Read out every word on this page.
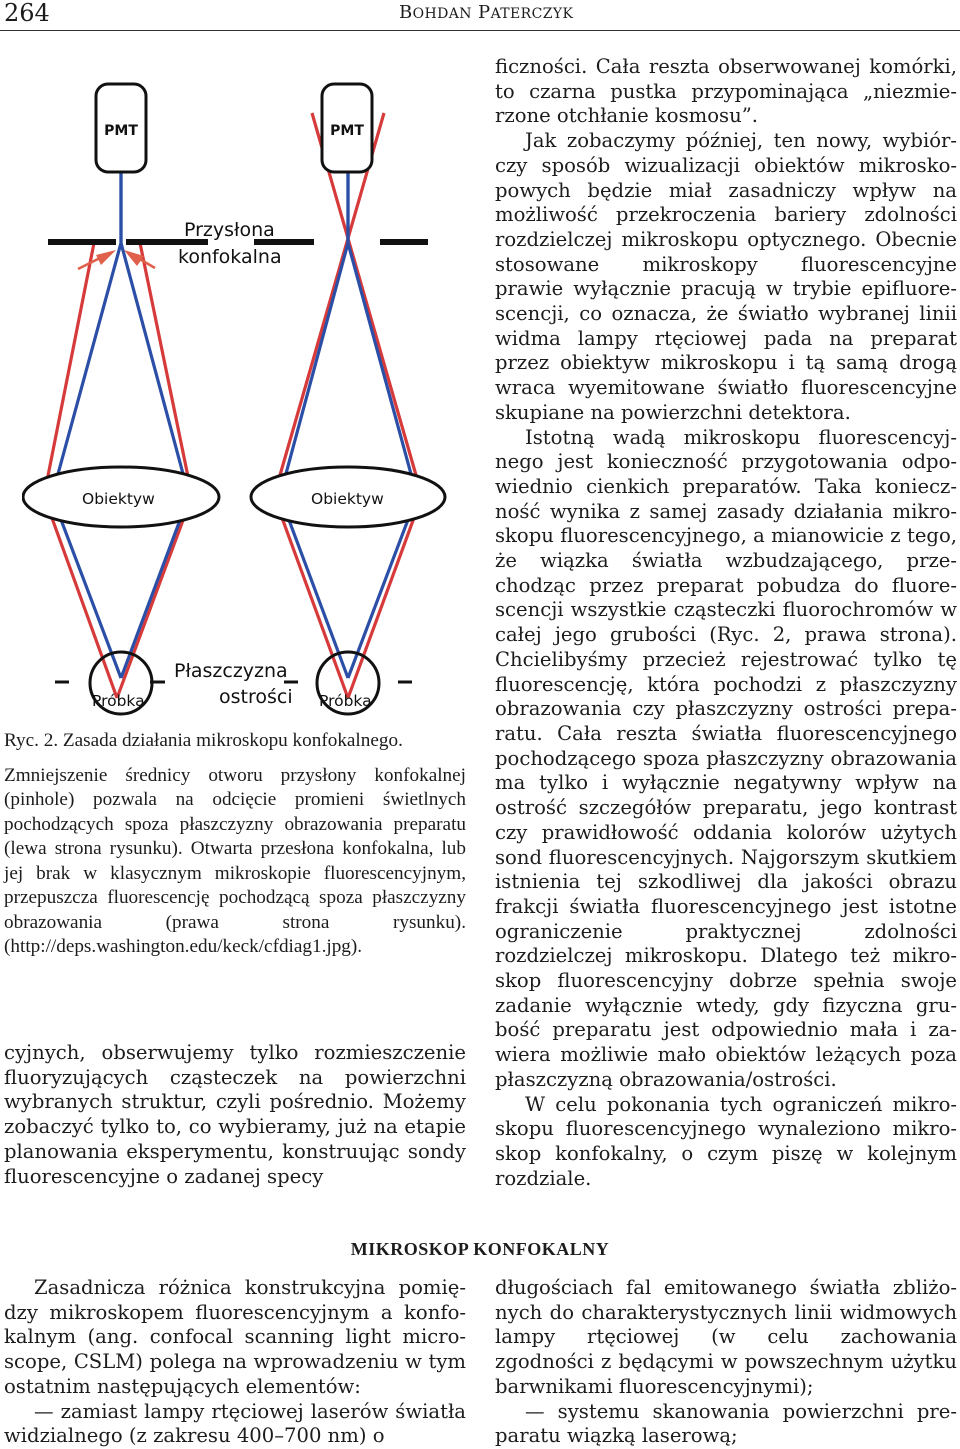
264	BOHDAN PATERCZYK
PMT
Przysłona
konfokalna
Obiektyw
Próbka
Płaszczyzna
ostrości
PMT
Obiektyw
Próbka
Ryc. 2. Zasada działania mikroskopu konfokalnego.
Zmniejszenie średnicy otworu przysłony konfokalnej (pinhole) pozwala na odcięcie promieni świetlnych pochodzących spoza płaszczyzny obrazowania preparatu (lewa strona rysunku). Otwarta przesłona konfokalna, lub jej brak w klasycznym mikroskopie fluorescencyjnym, przepuszcza fluorescencję pochodzącą spoza płaszczyzny obrazowania (prawa strona rysunku). (http://deps.washington.edu/keck/cfdiag1.​jpg).
cyjnych, obserwujemy tylko rozmieszczenie fluoryzujących cząsteczek na powierzchni wybranych struktur, czyli pośrednio. Możemy zobaczyć tylko to, co wybieramy, już na etapie planowania eksperymentu, konstruując sondy fluorescencyjne o zadanej specy
ficzności. Cała reszta obserwowanej komórki, to czarna pustka przypominająca „niezmierzone otchłanie kosmosu”.
Jak zobaczymy później, ten nowy, wybiórczy sposób wizualizacji obiektów mikroskopowych będzie miał zasadniczy wpływ na możliwość przekroczenia bariery zdolności rozdzielczej mikroskopu optycznego. Obecnie stosowane mikroskopy fluorescencyjne prawie wyłącznie pracują w trybie epifluorescencji, co oznacza, że światło wybranej linii widma lampy rtęciowej pada na preparat przez obiektyw mikroskopu i tą samą drogą wraca wyemitowane światło fluorescencyjne skupiane na powierzchni detektora.
Istotną wadą mikroskopu fluorescencyjnego jest konieczność przygotowania odpowiednio cienkich preparatów. Taka konieczność wynika z samej zasady działania mikroskopu fluorescencyjnego, a mianowicie z tego, że wiązka światła wzbudzającego, przechodząc przez preparat pobudza do fluorescencji wszystkie cząsteczki fluorochromów w całej jego grubości (Ryc. 2, prawa strona). Chcielibyśmy przecież rejestrować tylko tę fluorescencję, która pochodzi z płaszczyzny obrazowania czy płaszczyzny ostrości preparatu. Cała reszta światła fluorescencyjnego pochodzącego spoza płaszczyzny obrazowania ma tylko i wyłącznie negatywny wpływ na ostrość szczegółów preparatu, jego kontrast czy prawidłowość oddania kolorów użytych sond fluorescencyjnych. Najgorszym skutkiem istnienia tej szkodliwej dla jakości obrazu frakcji światła fluorescencyjnego jest istotne ograniczenie praktycznej zdolności rozdzielczej mikroskopu. Dlatego też mikroskop fluorescencyjny dobrze spełnia swoje zadanie wyłącznie wtedy, gdy fizyczna grubość preparatu jest odpowiednio mała i zawiera możliwie mało obiektów leżących poza płaszczyzną obrazowania/ostrości.
W celu pokonania tych ograniczeń mikroskopu fluorescencyjnego wynaleziono mikroskop konfokalny, o czym piszę w kolejnym rozdziale.
MIKROSKOP KONFOKALNY
Zasadnicza różnica konstrukcyjna pomiędzy mikroskopem fluorescencyjnym a konfokalnym (ang. confocal scanning light microscope, CSLM) polega na wprowadzeniu w tym ostatnim następujących elementów:
— zamiast lampy rtęciowej laserów światła widzialnego (z zakresu 400–700 nm) o
długościach fal emitowanego światła zbliżonych do charakterystycznych linii widmowych lampy rtęciowej (w celu zachowania zgodności z będącymi w powszechnym użytku barwnikami fluorescencyjnymi);
— systemu skanowania powierzchni preparatu wiązką laserową;
